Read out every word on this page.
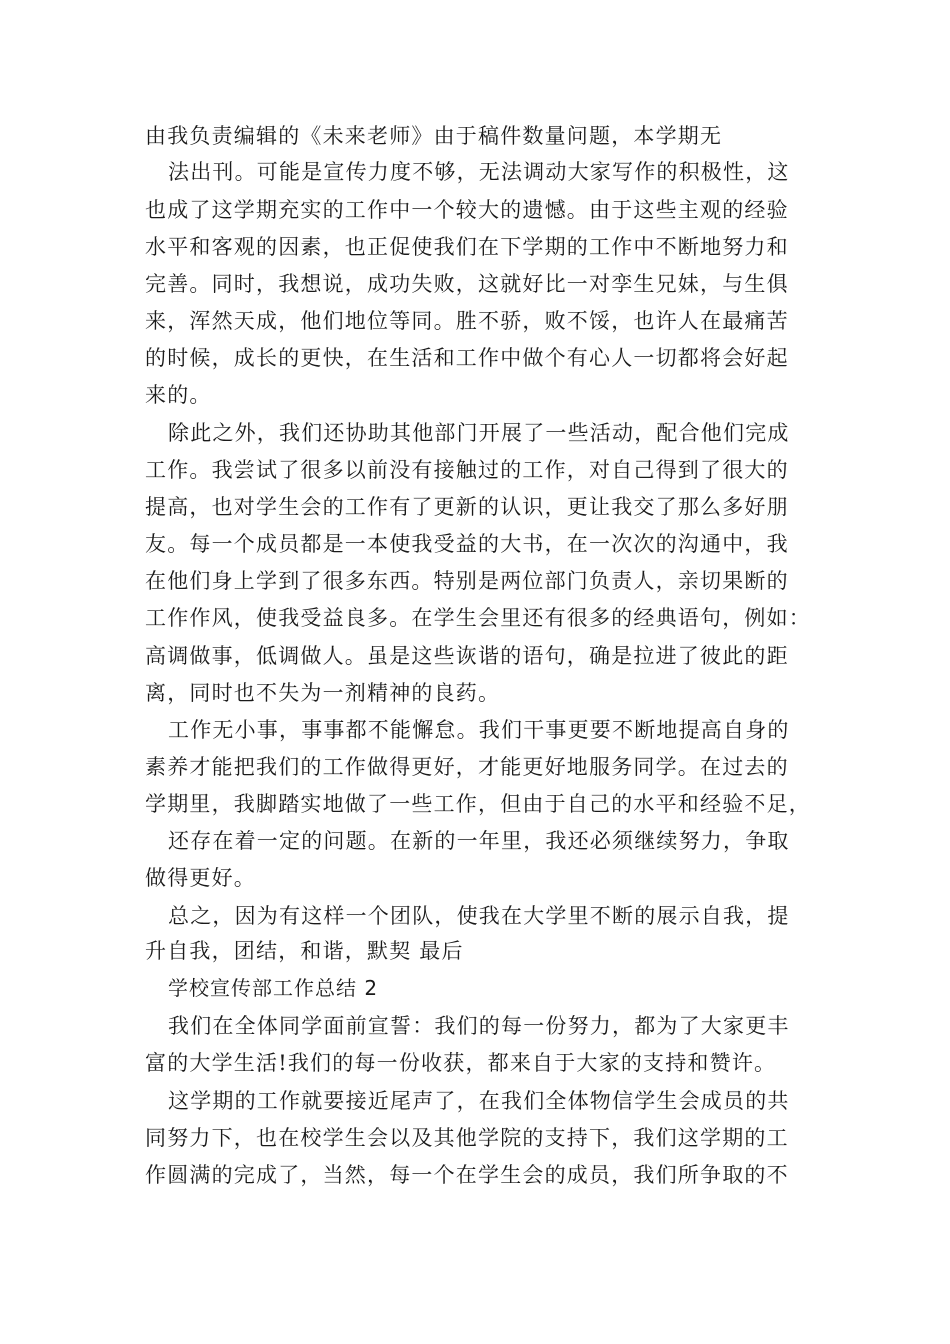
由我负责编辑的《未来老师》由于稿件数量问题，本学期无
法出刊。可能是宣传力度不够，无法调动大家写作的积极性，这
也成了这学期充实的工作中一个较大的遗憾。由于这些主观的经验
水平和客观的因素，也正促使我们在下学期的工作中不断地努力和
完善。同时，我想说，成功失败，这就好比一对孪生兄妹，与生俱
来，浑然天成，他们地位等同。胜不骄，败不馁，也许人在最痛苦
的时候，成长的更快，在生活和工作中做个有心人一切都将会好起
来的。
除此之外，我们还协助其他部门开展了一些活动，配合他们完成
工作。我尝试了很多以前没有接触过的工作，对自己得到了很大的
提高，也对学生会的工作有了更新的认识，更让我交了那么多好朋
友。每一个成员都是一本使我受益的大书，在一次次的沟通中，我
在他们身上学到了很多东西。特别是两位部门负责人，亲切果断的
工作作风，使我受益良多。在学生会里还有很多的经典语句，例如：
高调做事，低调做人。虽是这些诙谐的语句，确是拉进了彼此的距
离，同时也不失为一剂精神的良药。
工作无小事，事事都不能懈怠。我们干事更要不断地提高自身的
素养才能把我们的工作做得更好，才能更好地服务同学。在过去的
学期里，我脚踏实地做了一些工作，但由于自己的水平和经验不足，
还存在着一定的问题。在新的一年里，我还必须继续努力，争取
做得更好。
总之，因为有这样一个团队，使我在大学里不断的展示自我，提
升自我，团结，和谐，默契 最后
学校宣传部工作总结 2
我们在全体同学面前宣誓：我们的每一份努力，都为了大家更丰
富的大学生活!我们的每一份收获，都来自于大家的支持和赞许。
这学期的工作就要接近尾声了，在我们全体物信学生会成员的共
同努力下，也在校学生会以及其他学院的支持下，我们这学期的工
作圆满的完成了，当然，每一个在学生会的成员，我们所争取的不
